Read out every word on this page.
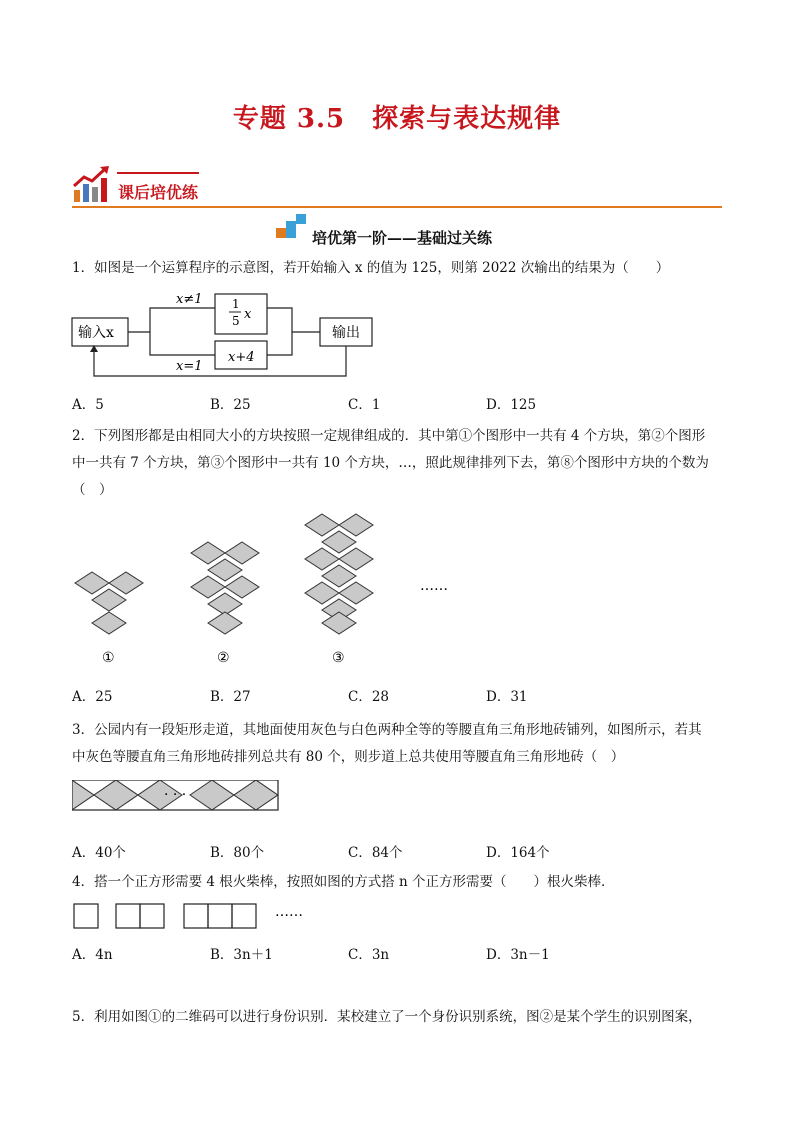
专题 3.5　探索与表达规律
课后培优练
培优第一阶——基础过关练
1．如图是一个运算程序的示意图，若开始输入 x 的值为 125，则第 2022 次输出的结果为（　　）
输入x	输出
x≠1
x=1
1
5 x
x+4
A．5	B．25	C．1	D．125
2．下列图形都是由相同大小的方块按照一定规律组成的．其中第①个图形中一共有 4 个方块，第②个图形
中一共有 7 个方块，第③个图形中一共有 10 个方块，…，照此规律排列下去，第⑧个图形中方块的个数为
（　）
①	②	③
……
A．25	B．27	C．28	D．31
3．公园内有一段矩形走道，其地面使用灰色与白色两种全等的等腰直角三角形地砖铺列，如图所示，若其
中灰色等腰直角三角形地砖排列总共有 80 个，则步道上总共使用等腰直角三角形地砖（　）
· · ·
A．40个	B．80个	C．84个	D．164个
4．搭一个正方形需要 4 根火柴棒，按照如图的方式搭 n 个正方形需要（　　）根火柴棒．
……
A．4n	B．3n＋1	C．3n	D．3n－1
5．利用如图①的二维码可以进行身份识别．某校建立了一个身份识别系统，图②是某个学生的识别图案，
